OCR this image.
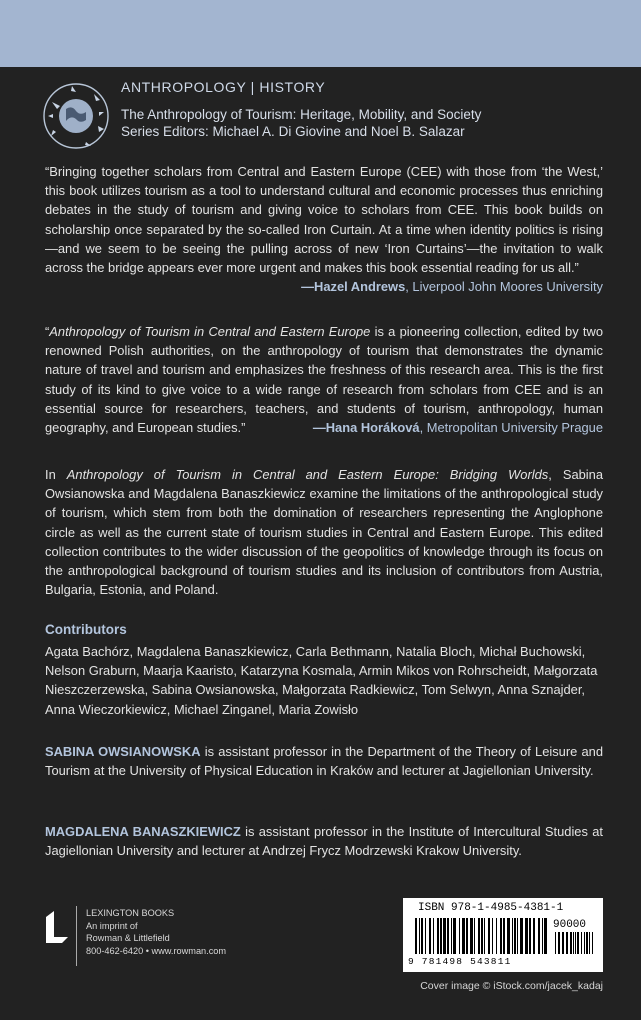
ANTHROPOLOGY | HISTORY
The Anthropology of Tourism: Heritage, Mobility, and Society
Series Editors: Michael A. Di Giovine and Noel B. Salazar
“Bringing together scholars from Central and Eastern Europe (CEE) with those from ‘the West,’ this book utilizes tourism as a tool to understand cultural and economic processes thus enriching debates in the study of tourism and giving voice to scholars from CEE. This book builds on scholarship once separated by the so-called Iron Curtain. At a time when identity politics is rising—and we seem to be seeing the pulling across of new ‘Iron Curtains’—the invitation to walk across the bridge appears ever more urgent and makes this book essential reading for us all.”
—Hazel Andrews, Liverpool John Moores University
“Anthropology of Tourism in Central and Eastern Europe is a pioneering collection, edited by two renowned Polish authorities, on the anthropology of tourism that demonstrates the dynamic nature of travel and tourism and emphasizes the freshness of this research area. This is the first study of its kind to give voice to a wide range of research from scholars from CEE and is an essential source for researchers, teachers, and students of tourism, anthropology, human geography, and European studies.”	—Hana Horáková, Metropolitan University Prague
In Anthropology of Tourism in Central and Eastern Europe: Bridging Worlds, Sabina Owsianowska and Magdalena Banaszkiewicz examine the limitations of the anthropological study of tourism, which stem from both the domination of researchers representing the Anglophone circle as well as the current state of tourism studies in Central and Eastern Europe. This edited collection contributes to the wider discussion of the geopolitics of knowledge through its focus on the anthropological background of tourism studies and its inclusion of contributors from Austria, Bulgaria, Estonia, and Poland.
Contributors
Agata Bachórz, Magdalena Banaszkiewicz, Carla Bethmann, Natalia Bloch, Michał Buchowski, Nelson Graburn, Maarja Kaaristo, Katarzyna Kosmala, Armin Mikos von Rohrscheidt, Małgorzata Nieszczerzewska, Sabina Owsianowska, Małgorzata Radkiewicz, Tom Selwyn, Anna Sznajder, Anna Wieczorkiewicz, Michael Zinganel, Maria Zowisło
SABINA OWSIANOWSKA is assistant professor in the Department of the Theory of Leisure and Tourism at the University of Physical Education in Kraków and lecturer at Jagiellonian University.
MAGDALENA BANASZKIEWICZ is assistant professor in the Institute of Intercultural Studies at Jagiellonian University and lecturer at Andrzej Frycz Modrzewski Krakow University.
LEXINGTON BOOKS
An imprint of
Rowman & Littlefield
800-462-6420 • www.rowman.com
ISBN 978-1-4985-4381-1
90000
9 781498 543811
Cover image © iStock.com/jacek_kadaj
